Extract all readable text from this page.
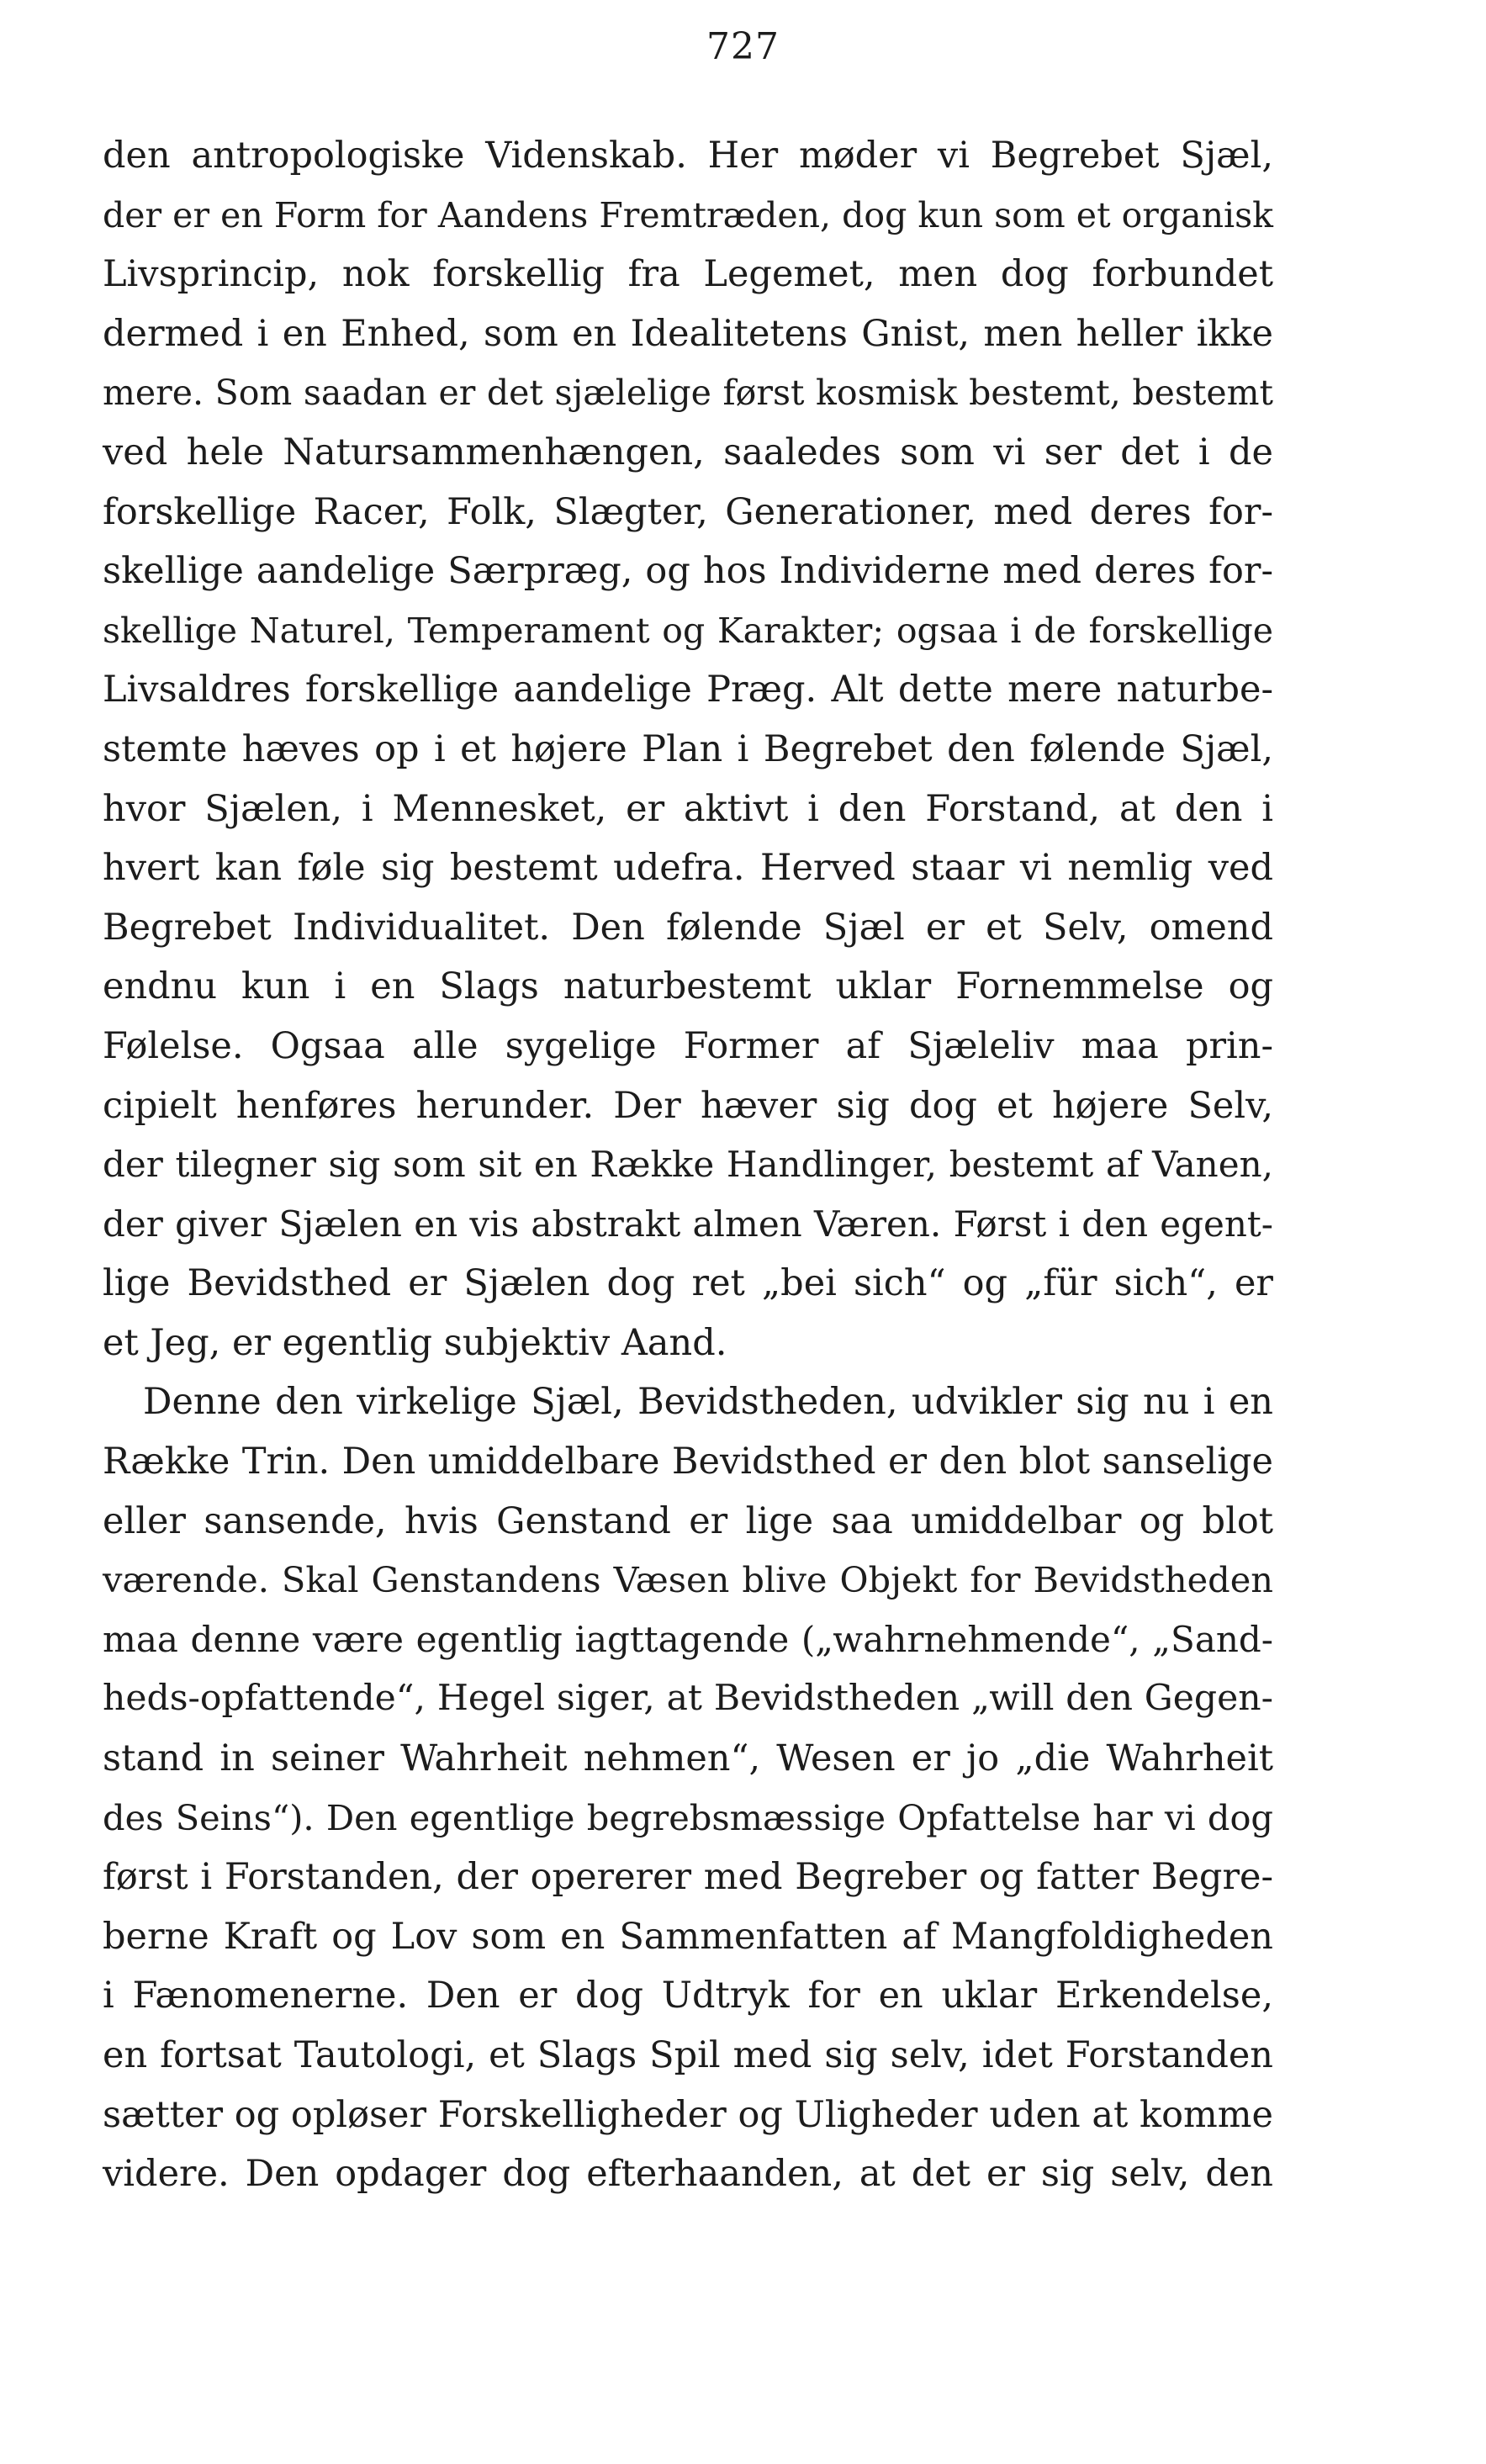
727
den antropologiske Videnskab. Her møder vi Begrebet Sjæl,
der er en Form for Aandens Fremtræden, dog kun som et organisk
Livsprincip, nok forskellig fra Legemet, men dog forbundet
dermed i en Enhed, som en Idealitetens Gnist, men heller ikke
mere. Som saadan er det sjælelige først kosmisk bestemt, bestemt
ved hele Natursammenhængen, saaledes som vi ser det i de
forskellige Racer, Folk, Slægter, Generationer, med deres for-
skellige aandelige Særpræg, og hos Individerne med deres for-
skellige Naturel, Temperament og Karakter; ogsaa i de forskellige
Livsaldres forskellige aandelige Præg. Alt dette mere naturbe-
stemte hæves op i et højere Plan i Begrebet den følende Sjæl,
hvor Sjælen, i Mennesket, er aktivt i den Forstand, at den i
hvert kan føle sig bestemt udefra. Herved staar vi nemlig ved
Begrebet Individualitet. Den følende Sjæl er et Selv, omend
endnu kun i en Slags naturbestemt uklar Fornemmelse og
Følelse. Ogsaa alle sygelige Former af Sjæleliv maa prin-
cipielt henføres herunder. Der hæver sig dog et højere Selv,
der tilegner sig som sit en Række Handlinger, bestemt af Vanen,
der giver Sjælen en vis abstrakt almen Væren. Først i den egent-
lige Bevidsthed er Sjælen dog ret „bei sich“ og „für sich“, er
et Jeg, er egentlig subjektiv Aand.
Denne den virkelige Sjæl, Bevidstheden, udvikler sig nu i en
Række Trin. Den umiddelbare Bevidsthed er den blot sanselige
eller sansende, hvis Genstand er lige saa umiddelbar og blot
værende. Skal Genstandens Væsen blive Objekt for Bevidstheden
maa denne være egentlig iagttagende („wahrnehmende“, „Sand-
heds-opfattende“, Hegel siger, at Bevidstheden „will den Gegen-
stand in seiner Wahrheit nehmen“, Wesen er jo „die Wahrheit
des Seins“). Den egentlige begrebsmæssige Opfattelse har vi dog
først i Forstanden, der opererer med Begreber og fatter Begre-
berne Kraft og Lov som en Sammenfatten af Mangfoldigheden
i Fænomenerne. Den er dog Udtryk for en uklar Erkendelse,
en fortsat Tautologi, et Slags Spil med sig selv, idet Forstanden
sætter og opløser Forskelligheder og Uligheder uden at komme
videre. Den opdager dog efterhaanden, at det er sig selv, den
